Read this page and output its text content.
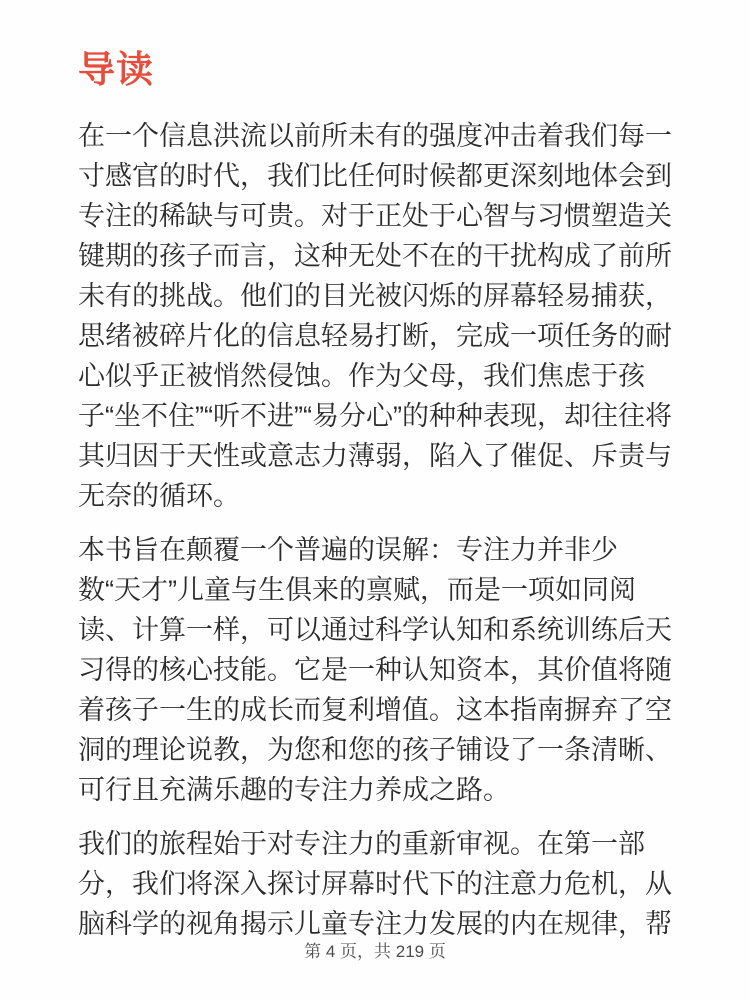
导读

在一个信息洪流以前所未有的强度冲击着我们每一寸感官的时代，我们比任何时候都更深刻地体会到专注的稀缺与可贵。对于正处于心智与习惯塑造关键期的孩子而言，这种无处不在的干扰构成了前所未有的挑战。他们的目光被闪烁的屏幕轻易捕获，思绪被碎片化的信息轻易打断，完成一项任务的耐心似乎正被悄然侵蚀。作为父母，我们焦虑于孩子“坐不住”“听不进”“易分心”的种种表现，却往往将其归因于天性或意志力薄弱，陷入了催促、斥责与无奈的循环。

本书旨在颠覆一个普遍的误解：专注力并非少数“天才”儿童与生俱来的禀赋，而是一项如同阅读、计算一样，可以通过科学认知和系统训练后天习得的核心技能。它是一种认知资本，其价值将随着孩子一生的成长而复利增值。这本指南摒弃了空洞的理论说教，为您和您的孩子铺设了一条清晰、可行且充满乐趣的专注力养成之路。

我们的旅程始于对专注力的重新审视。在第一部分，我们将深入探讨屏幕时代下的注意力危机，从脑科学的视角揭示儿童专注力发展的内在规律，帮

第 4 页，共 219 页
